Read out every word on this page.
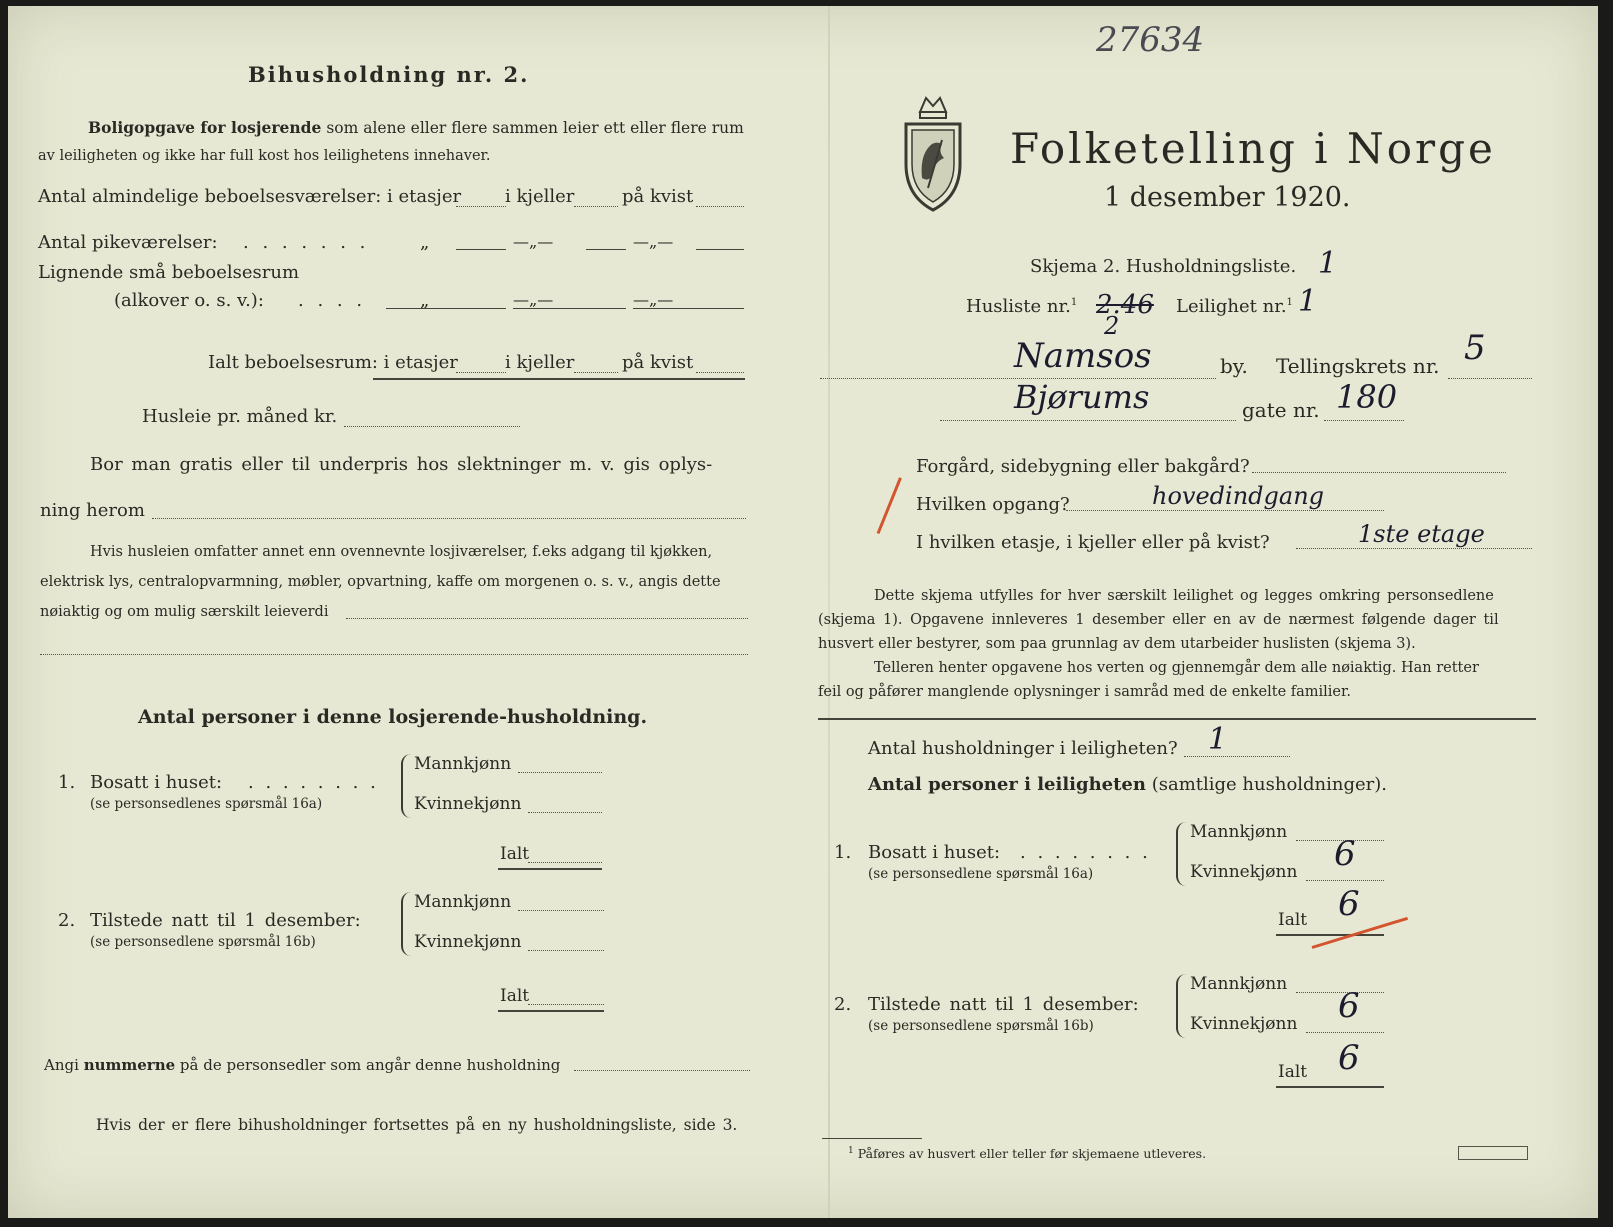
Bihusholdning nr. 2.
Boligopgave for losjerende som alene eller flere sammen leier ett eller flere rum
av leiligheten og ikke har full kost hos leilighetens innehaver.
Antal almindelige beboelsesværelser: i etasjer i kjeller	på kvist
Antal pikeværelser: . . . . . . .	„	—„—	—„—
Lignende små beboelsesrum
(alkover o. s. v.): . . . .	„	—„—	—„—
Ialt beboelsesrum: i etasjer	i kjeller	på kvist
Husleie pr. måned kr.
Bor man gratis eller til underpris hos slektninger m. v. gis oplys-
ning herom
Hvis husleien omfatter annet enn ovennevnte losjiværelser, f.eks adgang til kjøkken,
elektrisk lys, centralopvarmning, møbler, opvartning, kaffe om morgenen o. s. v., angis dette
nøiaktig og om mulig særskilt leieverdi
Antal personer i denne losjerende-husholdning.
1. Bosatt i huset: . . . . . . . .
(se personsedlenes spørsmål 16a)
Mannkjønn
Kvinnekjønn
Ialt
2. Tilstede natt til 1 desember:
(se personsedlene spørsmål 16b)
Mannkjønn
Kvinnekjønn
Ialt
Angi nummerne på de personsedler som angår denne husholdning
Hvis der er flere bihusholdninger fortsettes på en ny husholdningsliste, side 3.
27634
Folketelling i Norge
1 desember 1920.
Skjema 2. Husholdningsliste. 1
Husliste nr.$^1$ 2.46
2
Leilighet nr.$^1$ 1
Namsos	by. Tellingskrets nr. 5
Bjørums	gate nr. 180
Forgård, sidebygning eller bakgård?
Hvilken opgang?	hovedindgang
I hvilken etasje, i kjeller eller på kvist?	1ste etage
Dette skjema utfylles for hver særskilt leilighet og legges omkring personsedlene
(skjema 1). Opgavene innleveres 1 desember eller en av de nærmest følgende dager til
husvert eller bestyrer, som paa grunnlag av dem utarbeider huslisten (skjema 3).
Telleren henter opgavene hos verten og gjennemgår dem alle nøiaktig. Han retter
feil og påfører manglende oplysninger i samråd med de enkelte familier.
Antal husholdninger i leiligheten? 1
Antal personer i leiligheten (samtlige husholdninger).
1. Bosatt i huset: . . . . . . . .
(se personsedlene spørsmål 16a)
Mannkjønn
Kvinnekjønn 6
Ialt 6
2. Tilstede natt til 1 desember:
(se personsedlene spørsmål 16b)
Mannkjønn
Kvinnekjønn 6
Ialt 6
$^1$ Påføres av husvert eller teller før skjemaene utleveres.
